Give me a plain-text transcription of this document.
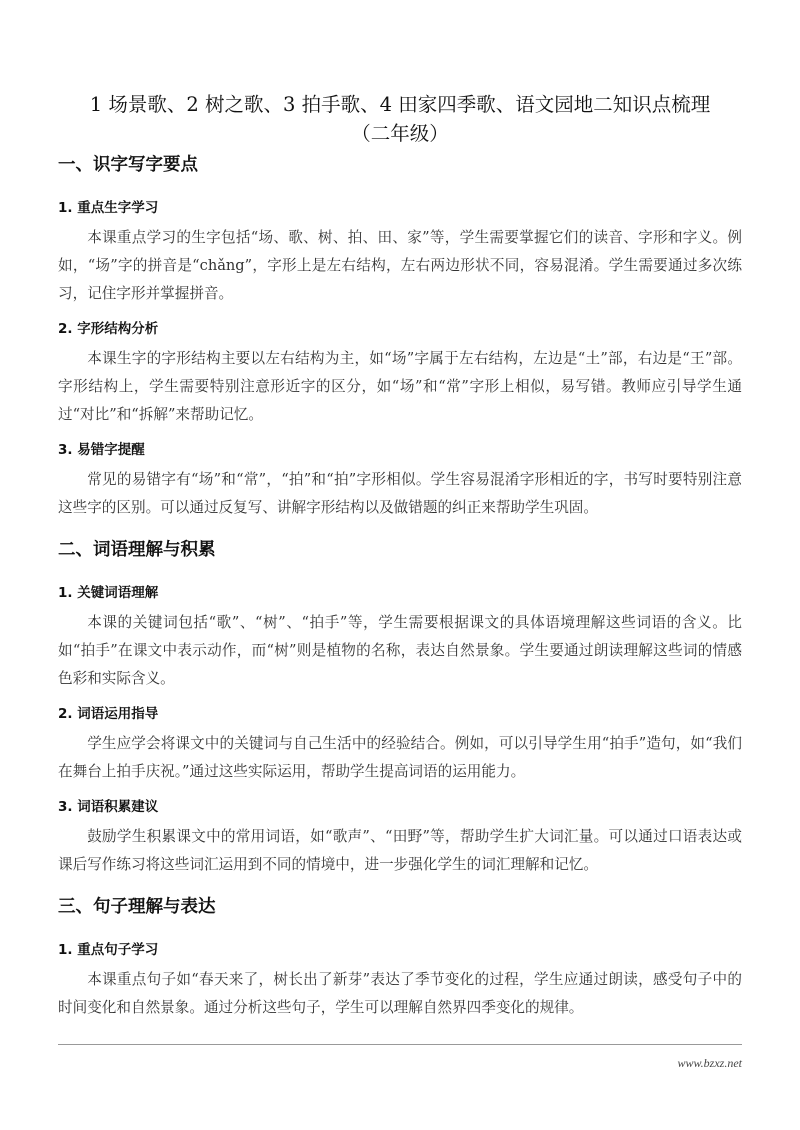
1 场景歌、2 树之歌、3 拍手歌、4 田家四季歌、语文园地二知识点梳理
（二年级）
一、识字写字要点
1. 重点生字学习
本课重点学习的生字包括“场、歌、树、拍、田、家”等，学生需要掌握它们的读音、字形和字义。例如，“场”字的拼音是“chǎng”，字形上是左右结构，左右两边形状不同，容易混淆。学生需要通过多次练习，记住字形并掌握拼音。
2. 字形结构分析
本课生字的字形结构主要以左右结构为主，如“场”字属于左右结构，左边是“土”部，右边是“王”部。字形结构上，学生需要特别注意形近字的区分，如“场”和“常”字形上相似，易写错。教师应引导学生通过“对比”和“拆解”来帮助记忆。
3. 易错字提醒
常见的易错字有“场”和“常”，“拍”和“拍”字形相似。学生容易混淆字形相近的字，书写时要特别注意这些字的区别。可以通过反复写、讲解字形结构以及做错题的纠正来帮助学生巩固。
二、词语理解与积累
1. 关键词语理解
本课的关键词包括“歌”、“树”、“拍手”等，学生需要根据课文的具体语境理解这些词语的含义。比如“拍手”在课文中表示动作，而“树”则是植物的名称，表达自然景象。学生要通过朗读理解这些词的情感色彩和实际含义。
2. 词语运用指导
学生应学会将课文中的关键词与自己生活中的经验结合。例如，可以引导学生用“拍手”造句，如“我们在舞台上拍手庆祝。”通过这些实际运用，帮助学生提高词语的运用能力。
3. 词语积累建议
鼓励学生积累课文中的常用词语，如“歌声”、“田野”等，帮助学生扩大词汇量。可以通过口语表达或课后写作练习将这些词汇运用到不同的情境中，进一步强化学生的词汇理解和记忆。
三、句子理解与表达
1. 重点句子学习
本课重点句子如“春天来了，树长出了新芽”表达了季节变化的过程，学生应通过朗读，感受句子中的时间变化和自然景象。通过分析这些句子，学生可以理解自然界四季变化的规律。
www.bzxz.net
